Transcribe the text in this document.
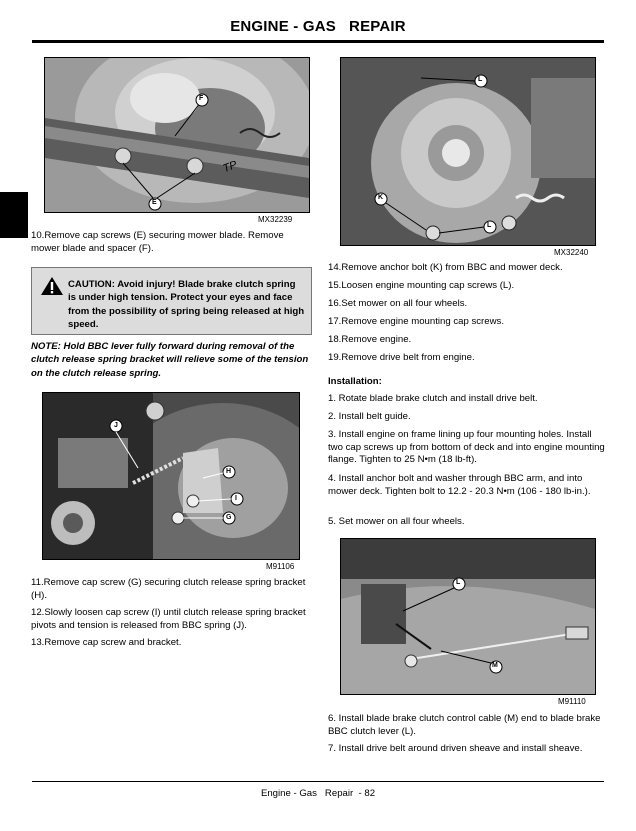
ENGINE - GAS   REPAIR
F
E
TP
MX32239
10.Remove cap screws (E) securing mower blade. Remove mower blade and spacer (F).
CAUTION: Avoid injury! Blade brake clutch spring is under high tension. Protect your eyes and face from the possibility of spring being released at high speed.
NOTE: Hold BBC lever fully forward during removal of the clutch release spring bracket will relieve some of the tension on the clutch release spring.
J
H
I
G
M91106
11.Remove cap screw (G) securing clutch release spring bracket (H).
12.Slowly loosen cap screw (I) until clutch release spring bracket pivots and tension is released from BBC spring (J).
13.Remove cap screw and bracket.
L
K
L
MX32240
14.Remove anchor bolt (K) from BBC and mower deck.
15.Loosen engine mounting cap screws (L).
16.Set mower on all four wheels.
17.Remove engine mounting cap screws.
18.Remove engine.
19.Remove drive belt from engine.
Installation:
1. Rotate blade brake clutch and install drive belt.
2. Install belt guide.
3. Install engine on frame lining up four mounting holes. Install two cap screws up from bottom of deck and into engine mounting flange. Tighten to 25 N•m (18 lb-ft).
4. Install anchor bolt and washer through BBC arm, and into mower deck. Tighten bolt to 12.2 - 20.3 N•m (106 - 180 lb-in.).
5. Set mower on all four wheels.
L
M
M91110
6. Install blade brake clutch control cable (M) end to blade brake BBC clutch lever (L).
7. Install drive belt around driven sheave and install sheave.
Engine - Gas   Repair  - 82
